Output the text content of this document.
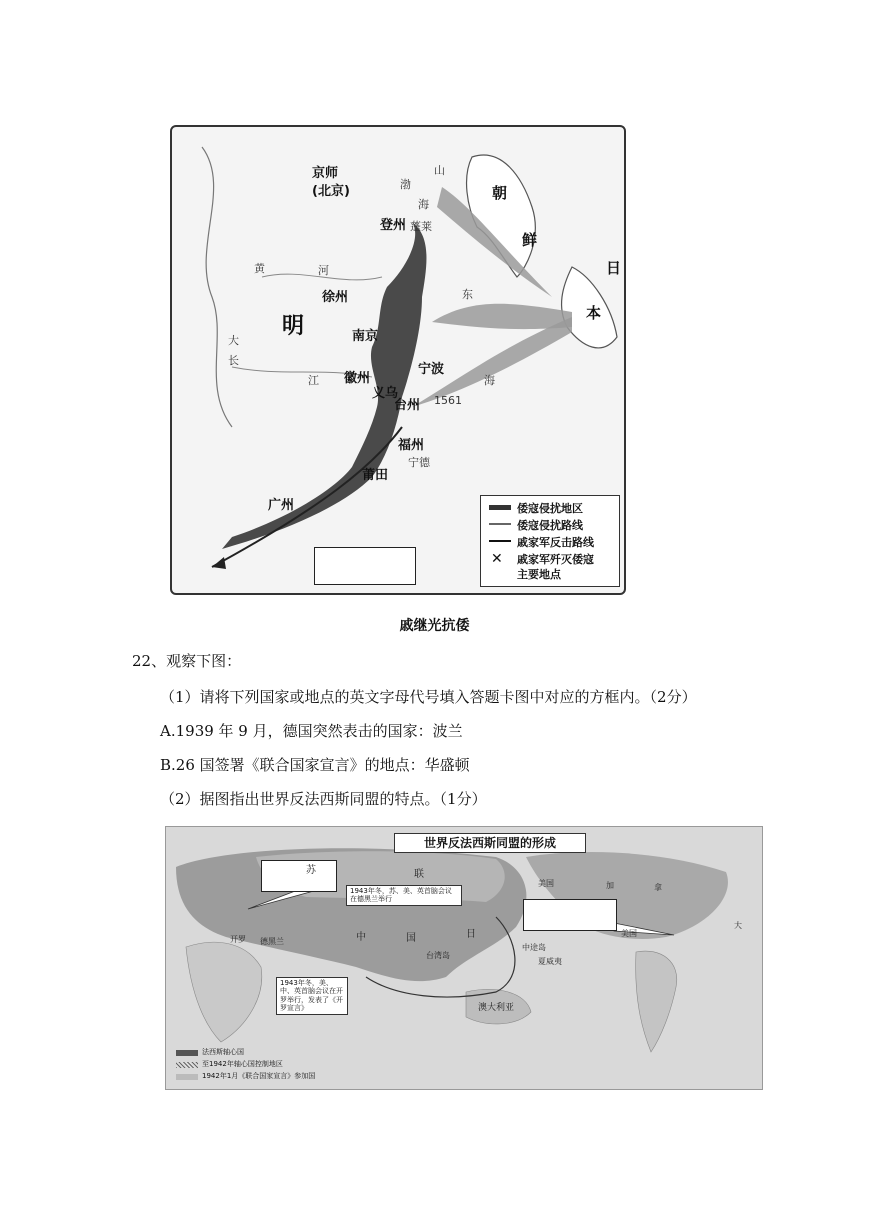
京师
(北京)
明
朝
鲜
日
本
山
渤
海
登州 蓬莱
黄	河
徐州	东
南京
大
长
江 徽州
义乌
宁波
台州 1561
海
福州
宁德
莆田
广州	倭寇侵扰地区
倭寇侵扰路线
戚家军反击路线
✕ 戚家军歼灭倭寇
主要地点
戚继光抗倭
22、观察下图：
（1）请将下列国家或地点的英文字母代号填入答题卡图中对应的方框内。（2分）
A.1939 年 9 月，德国突然表击的国家：波兰
B.26 国签署《联合国家宣言》的地点：华盛顿
（2）据图指出世界反法西斯同盟的特点。（1分）
世界反法西斯同盟的形成
1943年冬，苏、美、英首脑会议在德黑兰举行
1943年冬，美、中、英首脑会议在开罗举行，发表了《开罗宣言》
苏	联
中	国
开罗 德黑兰
澳大利亚
美国	加	拿
大
美国
台湾岛
中途岛
夏威夷
日
法西斯轴心国
至1942年轴心国控制地区
1942年1月《联合国家宣言》参加国
